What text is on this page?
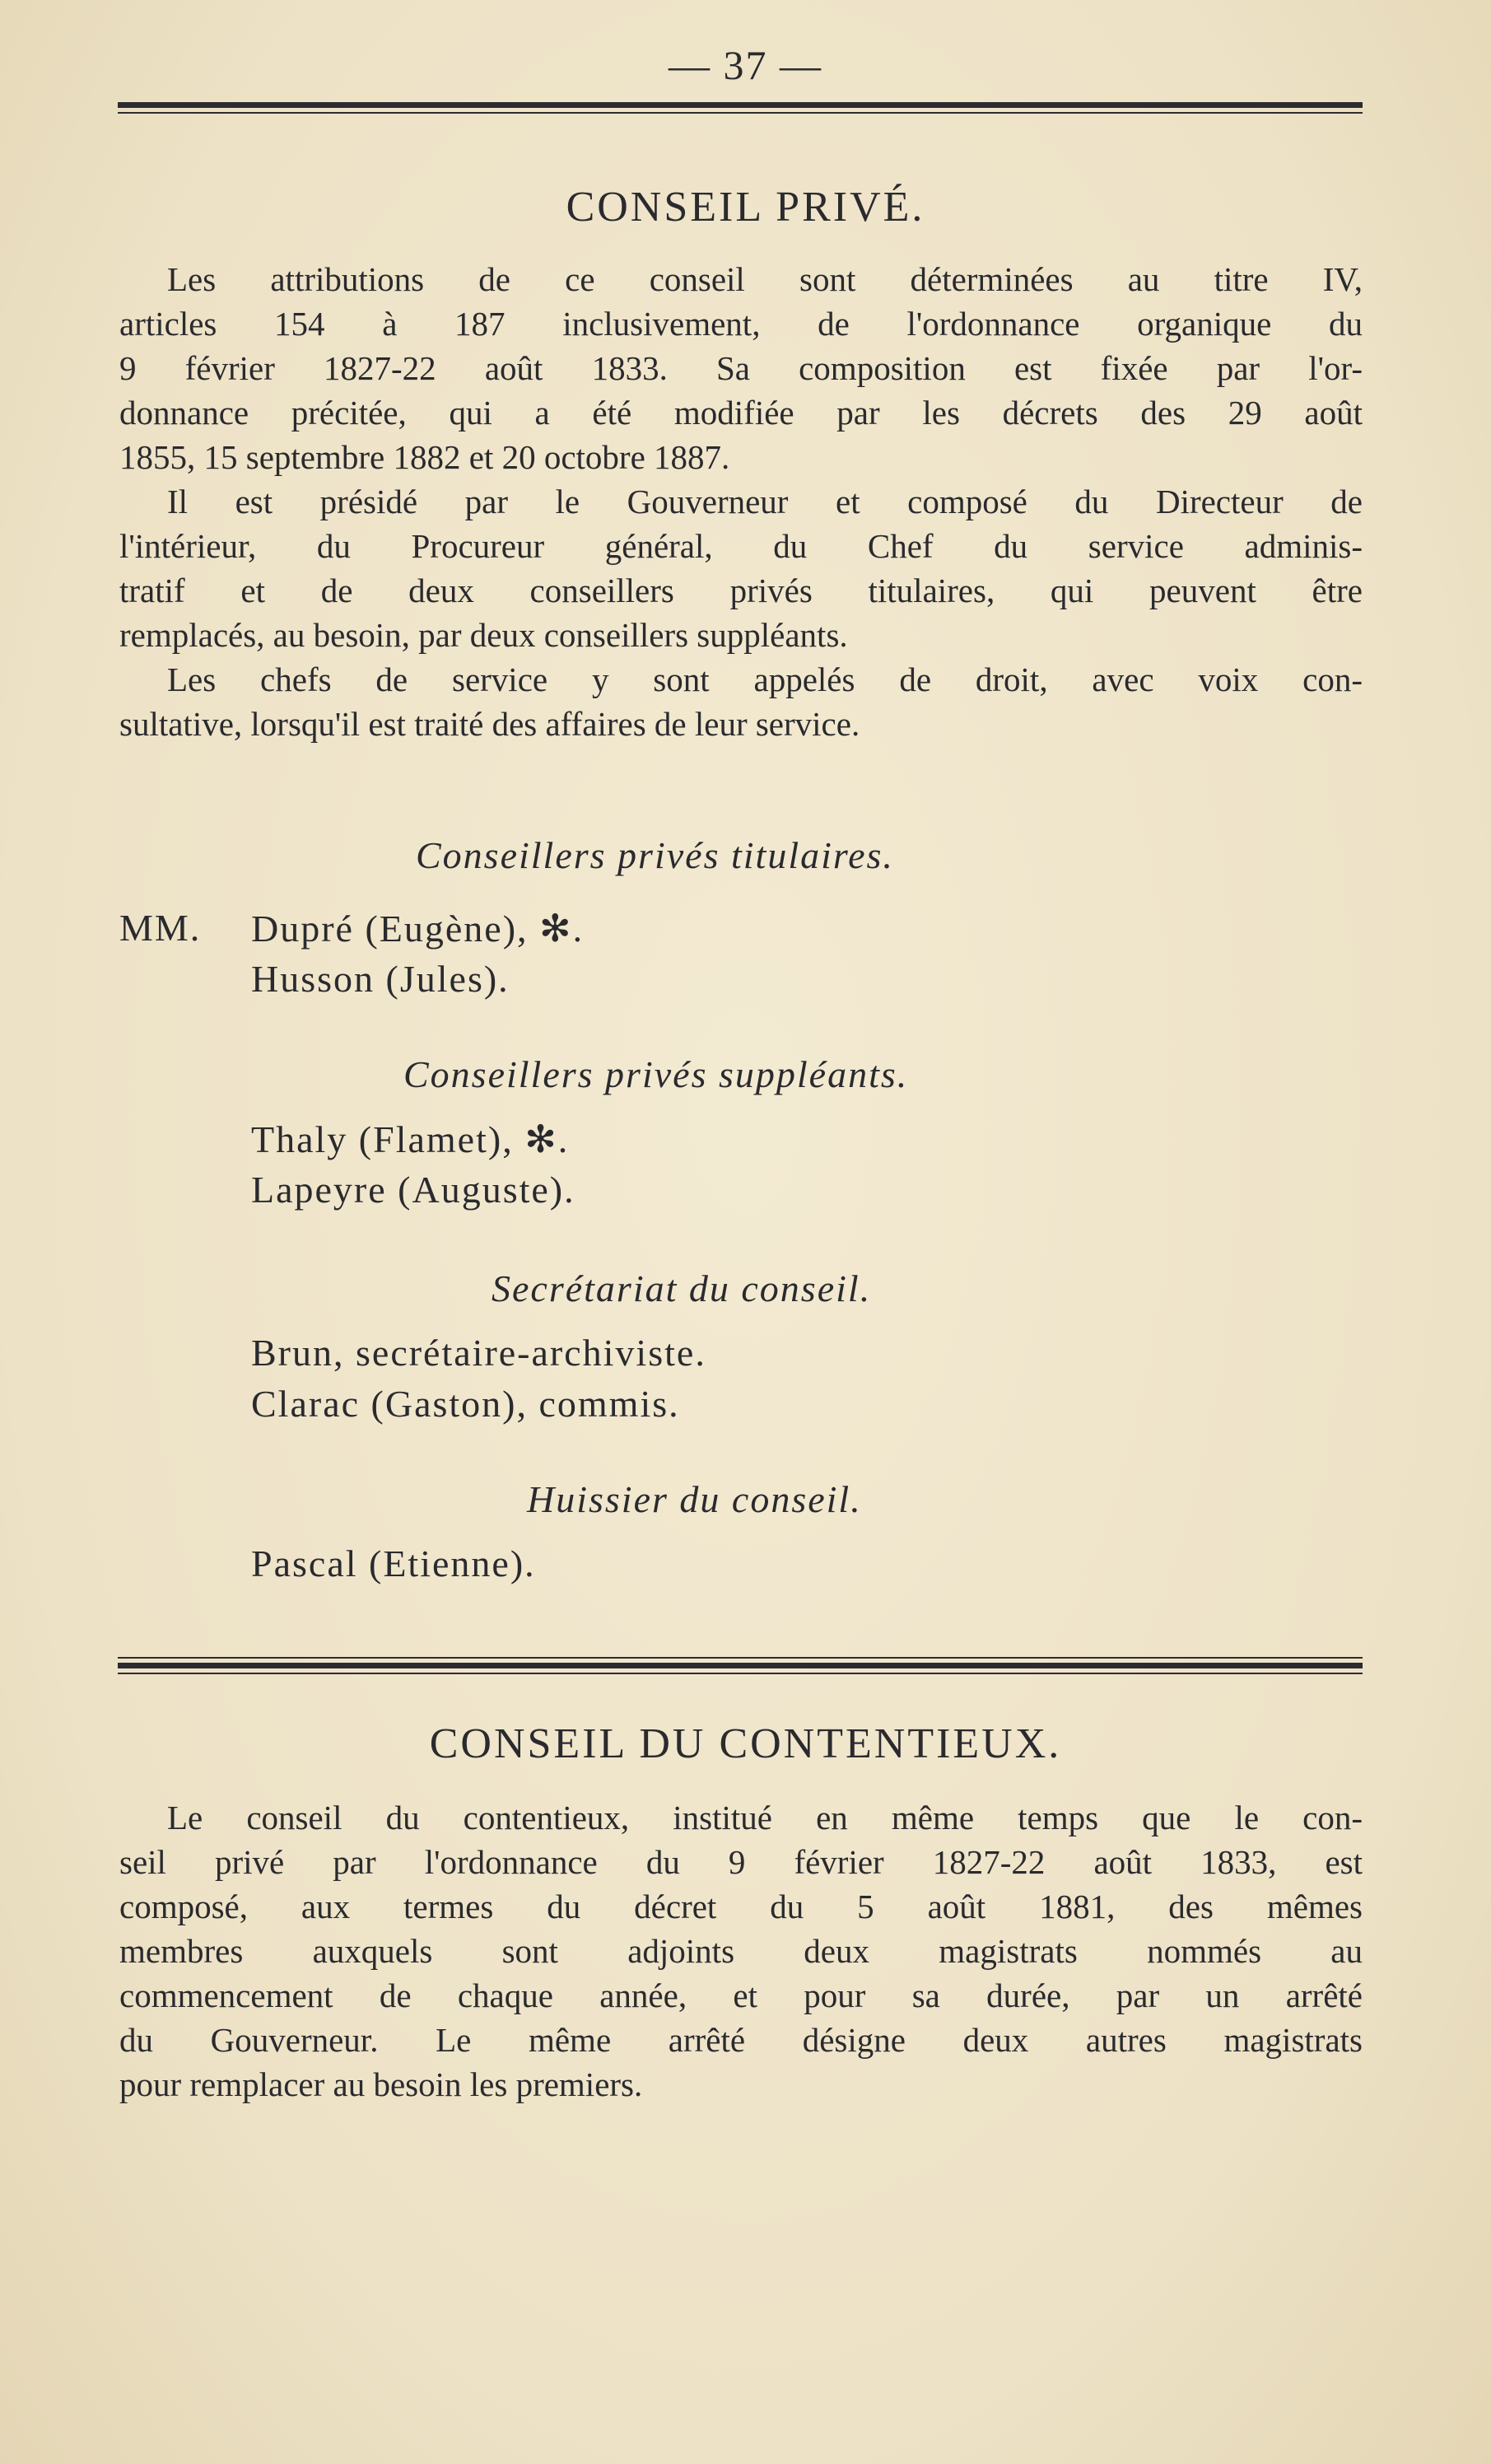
— 37 —
CONSEIL PRIVÉ.
Les attributions de ce conseil sont déterminées au titre IV,
articles 154 à 187 inclusivement, de l'ordonnance organique du
9 février 1827-22 août 1833. Sa composition est fixée par l'or-
donnance précitée, qui a été modifiée par les décrets des 29 août
1855, 15 septembre 1882 et 20 octobre 1887.
Il est présidé par le Gouverneur et composé du Directeur de
l'intérieur, du Procureur général, du Chef du service adminis-
tratif et de deux conseillers privés titulaires, qui peuvent être
remplacés, au besoin, par deux conseillers suppléants.
Les chefs de service y sont appelés de droit, avec voix con-
sultative, lorsqu'il est traité des affaires de leur service.
Conseillers privés titulaires.
MM. Dupré (Eugène), ✻.
Husson (Jules).
Conseillers privés suppléants.
Thaly (Flamet), ✻.
Lapeyre (Auguste).
Secrétariat du conseil.
Brun, secrétaire-archiviste.
Clarac (Gaston), commis.
Huissier du conseil.
Pascal (Etienne).
CONSEIL DU CONTENTIEUX.
Le conseil du contentieux, institué en même temps que le con-
seil privé par l'ordonnance du 9 février 1827-22 août 1833, est
composé, aux termes du décret du 5 août 1881, des mêmes
membres auxquels sont adjoints deux magistrats nommés au
commencement de chaque année, et pour sa durée, par un arrêté
du Gouverneur. Le même arrêté désigne deux autres magistrats
pour remplacer au besoin les premiers.
